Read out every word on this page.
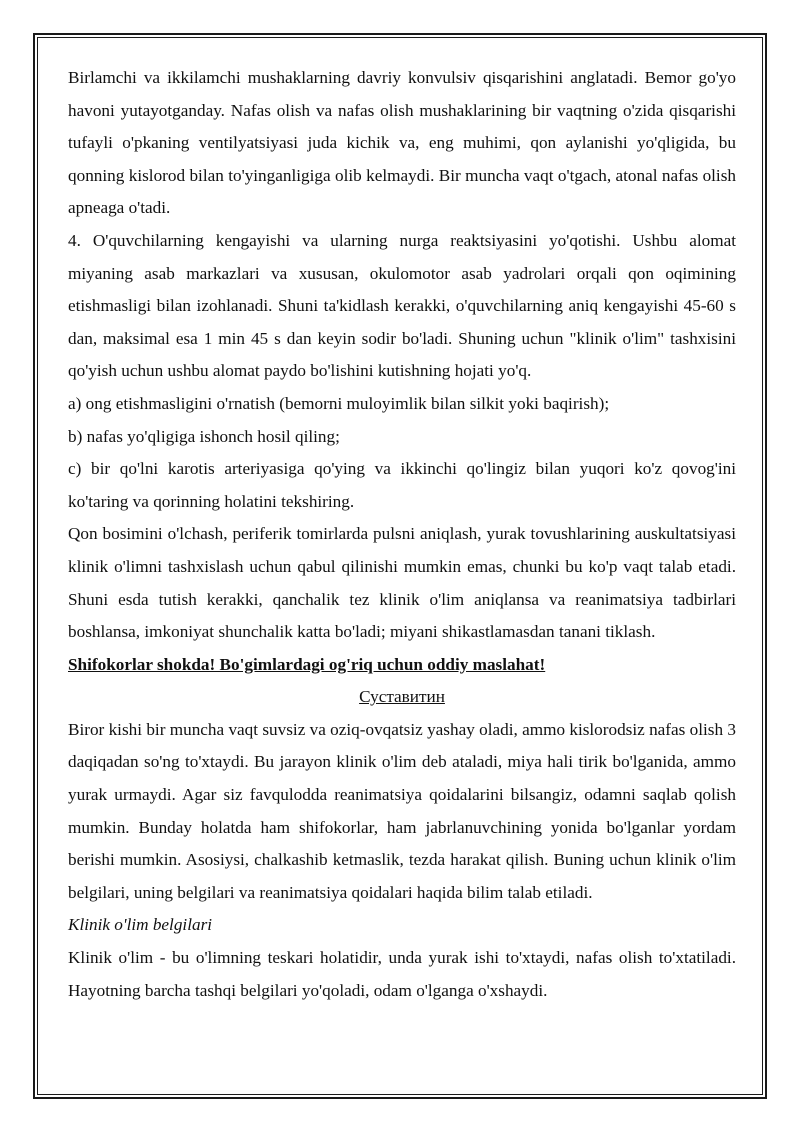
Birlamchi va ikkilamchi mushaklarning davriy konvulsiv qisqarishini anglatadi. Bemor go'yo havoni yutayotganday. Nafas olish va nafas olish mushaklarining bir vaqtning o'zida qisqarishi tufayli o'pkaning ventilyatsiyasi juda kichik va, eng muhimi, qon aylanishi yo'qligida, bu qonning kislorod bilan to'yinganligiga olib kelmaydi. Bir muncha vaqt o'tgach, atonal nafas olish apneaga o'tadi.

4. O'quvchilarning kengayishi va ularning nurga reaktsiyasini yo'qotishi. Ushbu alomat miyaning asab markazlari va xususan, okulomotor asab yadrolari orqali qon oqimining etishmasligi bilan izohlanadi. Shuni ta'kidlash kerakki, o'quvchilarning aniq kengayishi 45-60 s dan, maksimal esa 1 min 45 s dan keyin sodir bo'ladi. Shuning uchun "klinik o'lim" tashxisini qo'yish uchun ushbu alomat paydo bo'lishini kutishning hojati yo'q.

a) ong etishmasligini o'rnatish (bemorni muloyimlik bilan silkit yoki baqirish);

b) nafas yo'qligiga ishonch hosil qiling;

c) bir qo'lni karotis arteriyasiga qo'ying va ikkinchi qo'lingiz bilan yuqori ko'z qovog'ini ko'taring va qorinning holatini tekshiring.

Qon bosimini o'lchash, periferik tomirlarda pulsni aniqlash, yurak tovushlarining auskultatsiyasi klinik o'limni tashxislash uchun qabul qilinishi mumkin emas, chunki bu ko'p vaqt talab etadi. Shuni esda tutish kerakki, qanchalik tez klinik o'lim aniqlansa va reanimatsiya tadbirlari boshlansa, imkoniyat shunchalik katta bo'ladi; miyani shikastlamasdan tanani tiklash.

Shifokorlar shokda! Bo'gimlardagi og'riq uchun oddiy maslahat!

Суставитин

Biror kishi bir muncha vaqt suvsiz va oziq-ovqatsiz yashay oladi, ammo kislorodsiz nafas olish 3 daqiqadan so'ng to'xtaydi. Bu jarayon klinik o'lim deb ataladi, miya hali tirik bo'lganida, ammo yurak urmaydi. Agar siz favqulodda reanimatsiya qoidalarini bilsangiz, odamni saqlab qolish mumkin. Bunday holatda ham shifokorlar, ham jabrlanuvchining yonida bo'lganlar yordam berishi mumkin. Asosiysi, chalkashib ketmaslik, tezda harakat qilish. Buning uchun klinik o'lim belgilari, uning belgilari va reanimatsiya qoidalari haqida bilim talab etiladi.

Klinik o'lim belgilari

Klinik o'lim - bu o'limning teskari holatidir, unda yurak ishi to'xtaydi, nafas olish to'xtatiladi. Hayotning barcha tashqi belgilari yo'qoladi, odam o'lganga o'xshaydi.
